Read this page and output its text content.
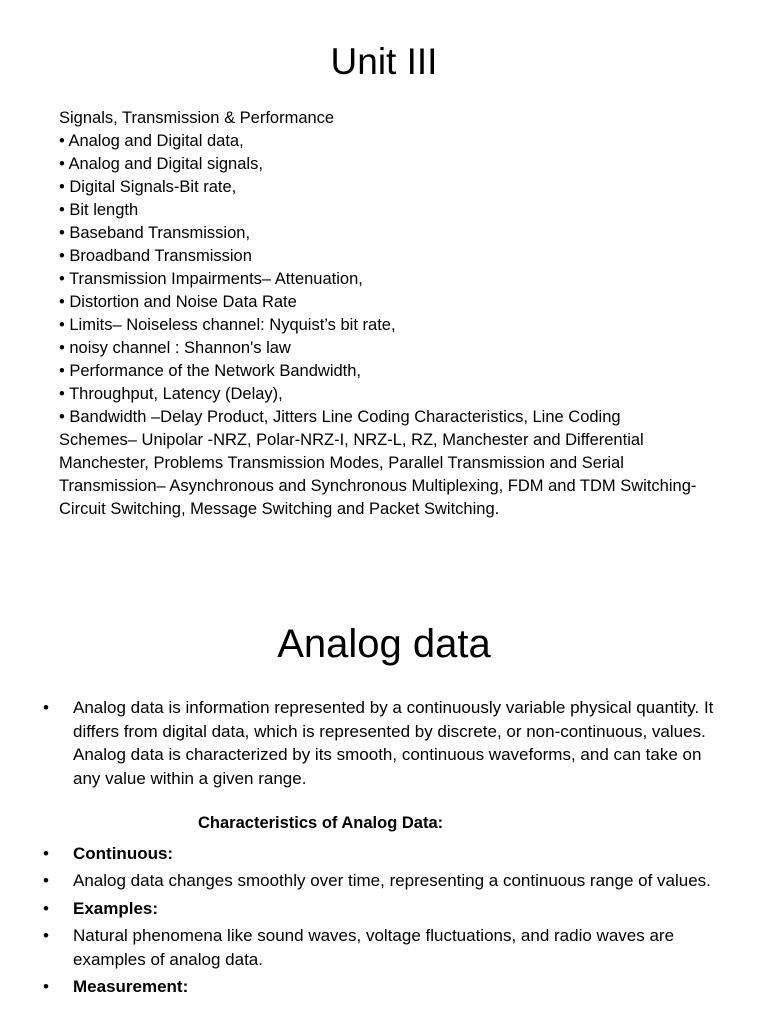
Unit III
Signals, Transmission & Performance
• Analog and Digital data,
• Analog and Digital signals,
• Digital Signals-Bit rate,
• Bit length
• Baseband Transmission,
• Broadband Transmission
• Transmission Impairments– Attenuation,
• Distortion and Noise Data Rate
• Limits– Noiseless channel: Nyquist’s bit rate,
• noisy channel : Shannon's law
• Performance of the Network Bandwidth,
• Throughput, Latency (Delay),
• Bandwidth –Delay Product, Jitters Line Coding Characteristics, Line Coding Schemes– Unipolar -NRZ, Polar-NRZ-I, NRZ-L, RZ, Manchester and Differential Manchester, Problems Transmission Modes, Parallel Transmission and Serial Transmission– Asynchronous and Synchronous Multiplexing, FDM and TDM Switching-Circuit Switching, Message Switching and Packet Switching.
Analog data
•	Analog data is information represented by a continuously variable physical quantity. It differs from digital data, which is represented by discrete, or non-continuous, values. Analog data is characterized by its smooth, continuous waveforms, and can take on any value within a given range.
Characteristics of Analog Data:
•	Continuous:
•	Analog data changes smoothly over time, representing a continuous range of values.
•	Examples:
•	Natural phenomena like sound waves, voltage fluctuations, and radio waves are examples of analog data.
•	Measurement:
